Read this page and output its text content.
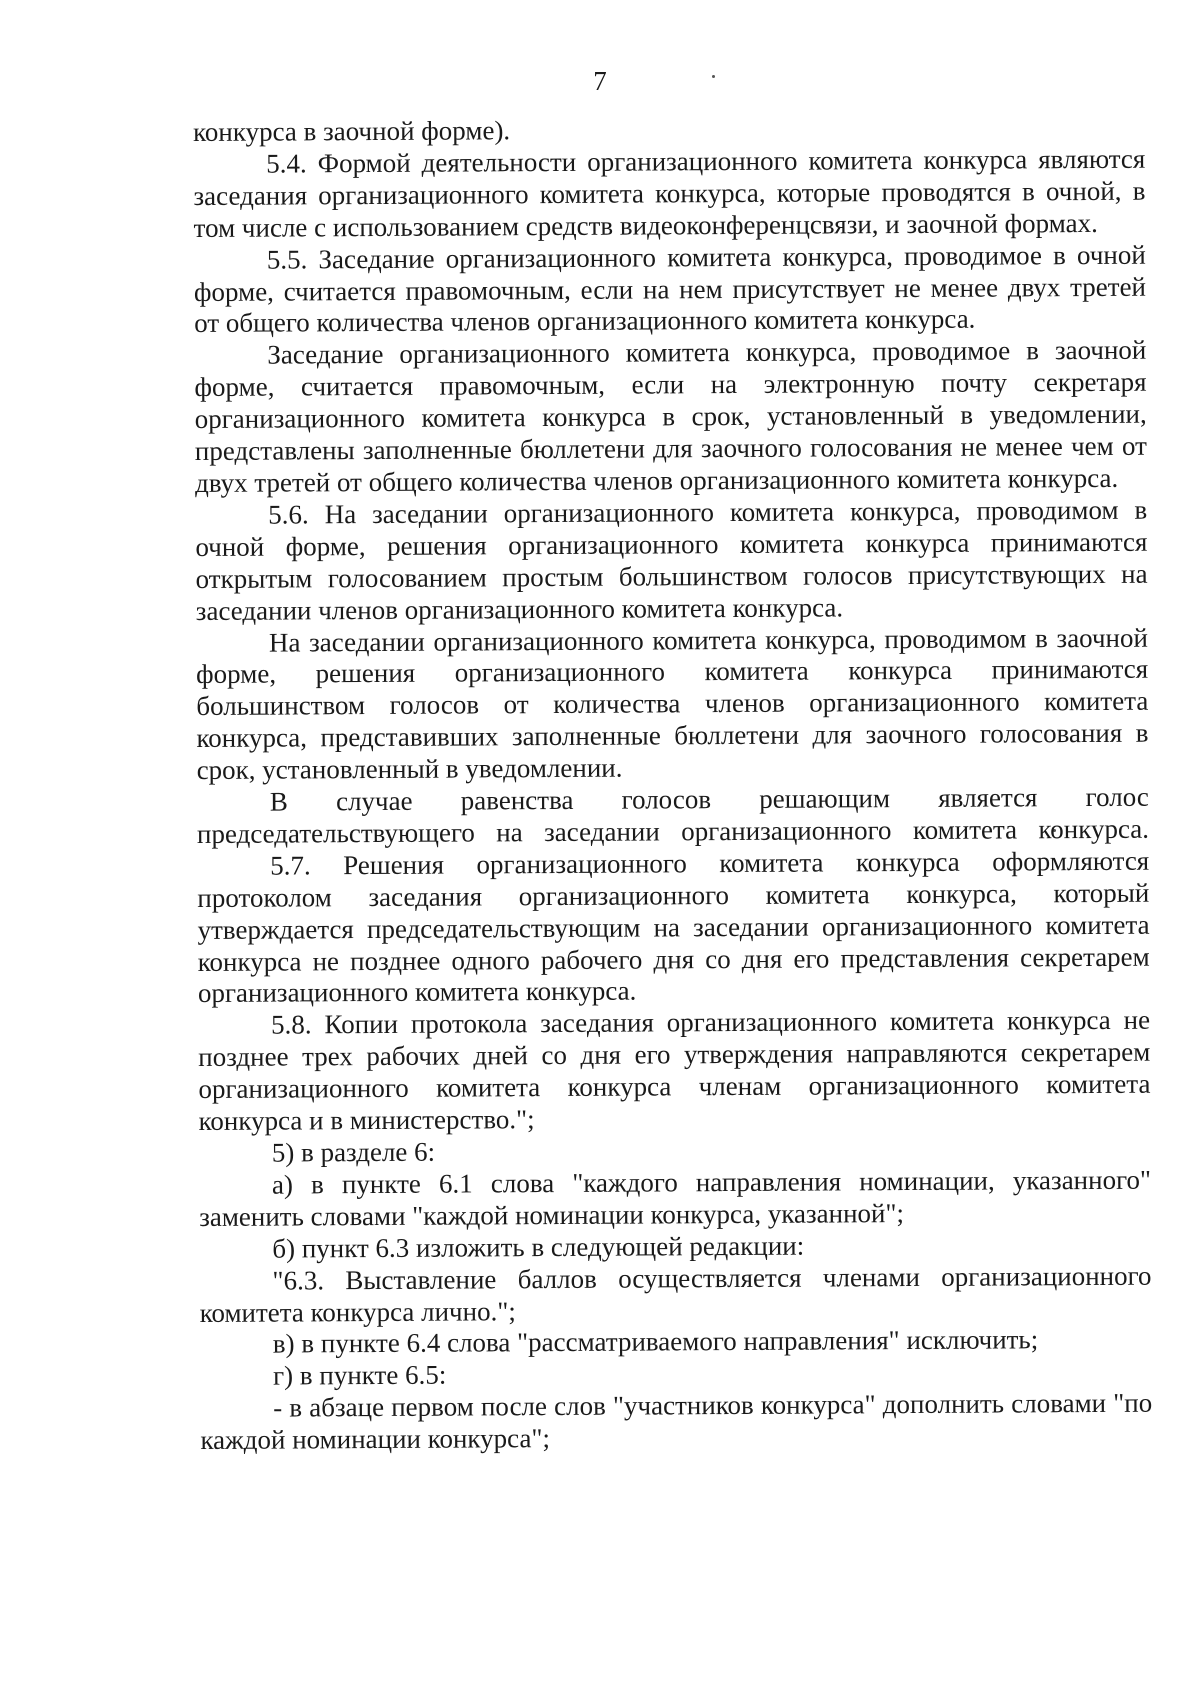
7

конкурса в заочной форме).

5.4. Формой деятельности организационного комитета конкурса являются заседания организационного комитета конкурса, которые проводятся в очной, в том числе с использованием средств видеоконференцсвязи, и заочной формах.

5.5. Заседание организационного комитета конкурса, проводимое в очной форме, считается правомочным, если на нем присутствует не менее двух третей от общего количества членов организационного комитета конкурса.

Заседание организационного комитета конкурса, проводимое в заочной форме, считается правомочным, если на электронную почту секретаря организационного комитета конкурса в срок, установленный в уведомлении, представлены заполненные бюллетени для заочного голосования не менее чем от двух третей от общего количества членов организационного комитета конкурса.

5.6. На заседании организационного комитета конкурса, проводимом в очной форме, решения организационного комитета конкурса принимаются открытым голосованием простым большинством голосов присутствующих на заседании членов организационного комитета конкурса.

На заседании организационного комитета конкурса, проводимом в заочной форме, решения организационного комитета конкурса принимаются большинством голосов от количества членов организационного комитета конкурса, представивших заполненные бюллетени для заочного голосования в срок, установленный в уведомлении.

В случае равенства голосов решающим является голос председательствующего на заседании организационного комитета конкурса.

5.7. Решения организационного комитета конкурса оформляются протоколом заседания организационного комитета конкурса, который утверждается председательствующим на заседании организационного комитета конкурса не позднее одного рабочего дня со дня его представления секретарем организационного комитета конкурса.

5.8. Копии протокола заседания организационного комитета конкурса не позднее трех рабочих дней со дня его утверждения направляются секретарем организационного комитета конкурса членам организационного комитета конкурса и в министерство.";

5) в разделе 6:

а) в пункте 6.1 слова "каждого направления номинации, указанного" заменить словами "каждой номинации конкурса, указанной";

б) пункт 6.3 изложить в следующей редакции:

"6.3. Выставление баллов осуществляется членами организационного комитета конкурса лично.";

в) в пункте 6.4 слова "рассматриваемого направления" исключить;

г) в пункте 6.5:

- в абзаце первом после слов "участников конкурса" дополнить словами "по каждой номинации конкурса";
